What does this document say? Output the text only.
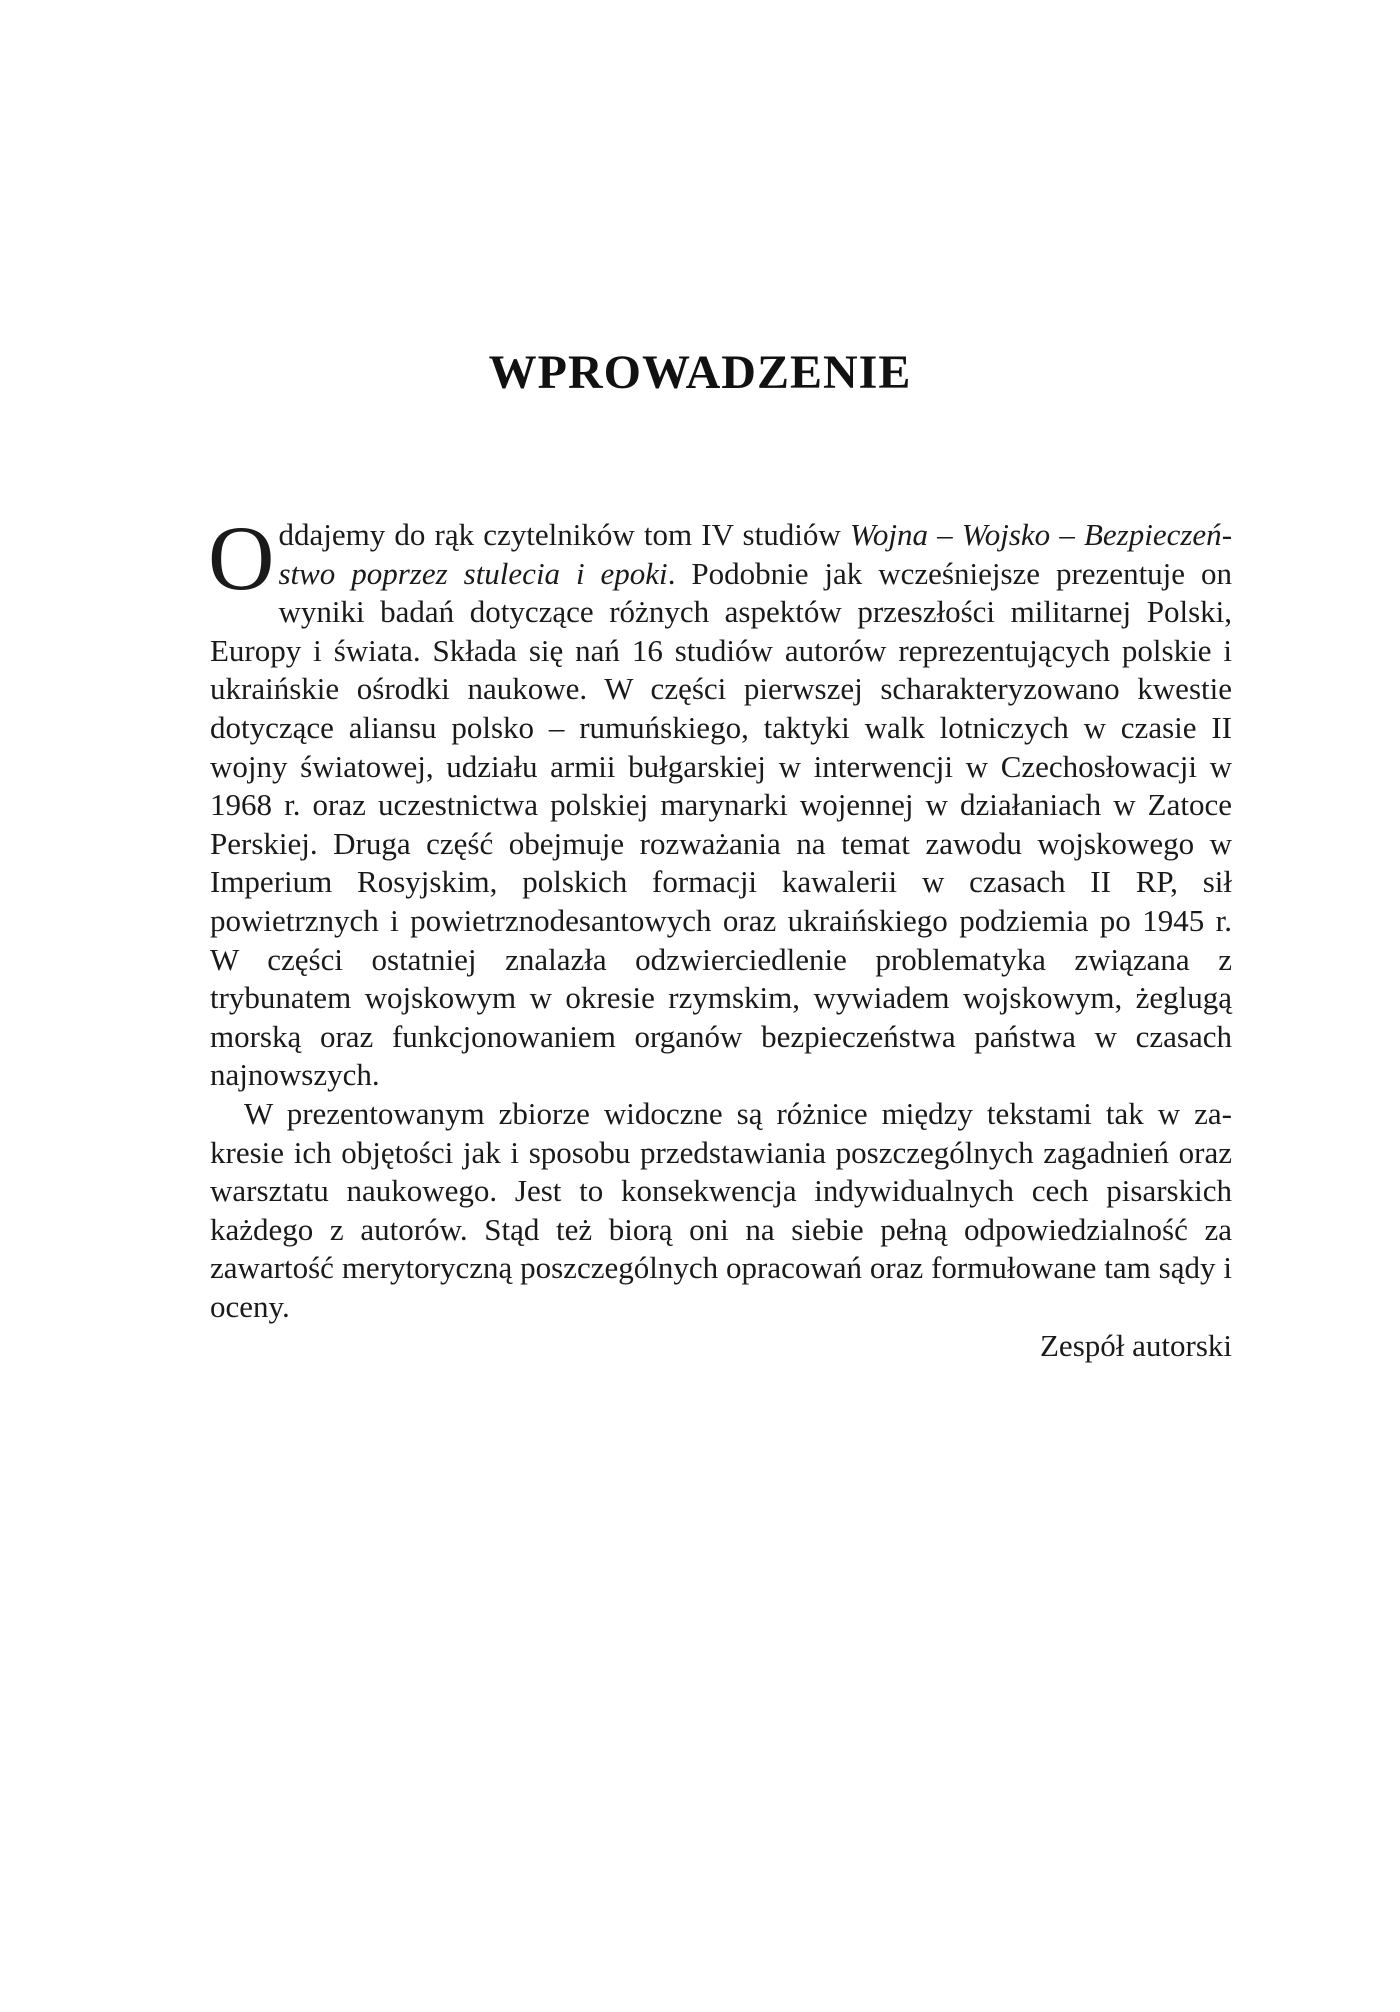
WPROWADZENIE

Oddajemy do rąk czytelników tom IV studiów Wojna – Wojsko – Bezpieczeństwo poprzez stulecia i epoki. Podobnie jak wcześniejsze prezentuje on wyniki badań dotyczące różnych aspektów przeszłości militarnej Polski, Europy i świata. Składa się nań 16 studiów autorów reprezentujących polskie i ukraińskie ośrodki naukowe. W części pierwszej scharakteryzowano kwestie dotyczące aliansu polsko – rumuńskiego, taktyki walk lotniczych w czasie II wojny światowej, udziału armii bułgarskiej w interwencji w Czechosłowacji w 1968 r. oraz uczestnictwa polskiej marynarki wojennej w działaniach w Zatoce Perskiej. Druga część obejmuje rozważania na temat zawodu wojskowego w Imperium Rosyjskim, polskich formacji kawalerii w czasach II RP, sił powietrznych i powietrznodesantowych oraz ukraińskiego podziemia po 1945 r. W części ostatniej znalazła odzwierciedlenie problematyka związana z trybunatem wojskowym w okresie rzymskim, wywiadem wojskowym, żeglugą morską oraz funkcjonowaniem organów bezpieczeństwa państwa w czasach najnowszych.

W prezentowanym zbiorze widoczne są różnice między tekstami tak w zakresie ich objętości jak i sposobu przedstawiania poszczególnych zagadnień oraz warsztatu naukowego. Jest to konsekwencja indywidualnych cech pisarskich każdego z autorów. Stąd też biorą oni na siebie pełną odpowiedzialność za zawartość merytoryczną poszczególnych opracowań oraz formułowane tam sądy i oceny.

Zespół autorski
